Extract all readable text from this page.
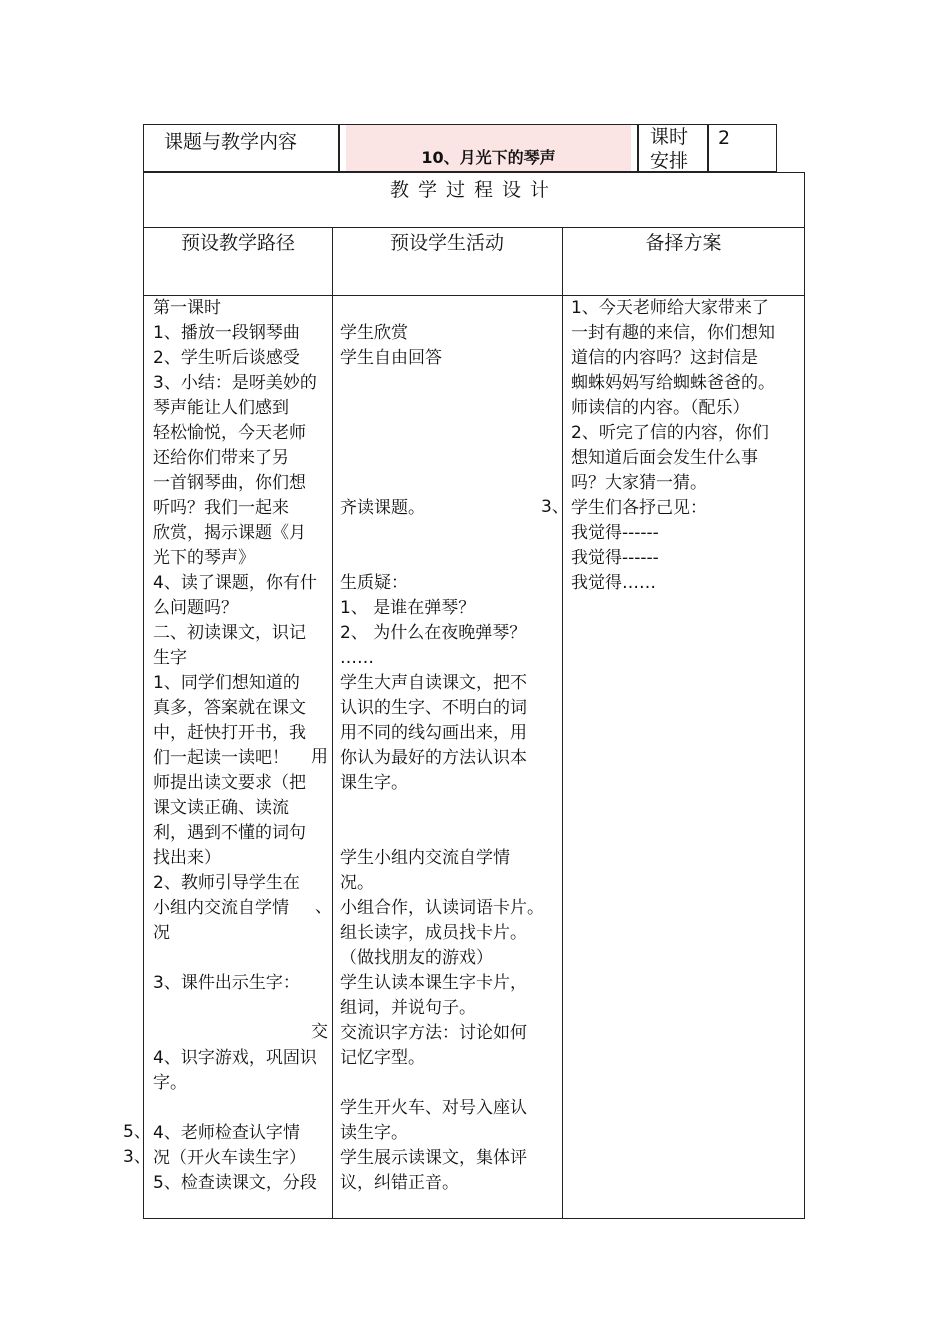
课题与教学内容
10、月光下的琴声
课时
安排
2
教学过程设计
预设教学路径	预设学生活动	备择方案
第一课时
1、播放一段钢琴曲
2、学生听后谈感受
3、小结：是呀美妙的
琴声能让人们感到
轻松愉悦，今天老师
还给你们带来了另
一首钢琴曲，你们想
听吗？我们一起来
欣赏，揭示课题《月
光下的琴声》
4、读了课题，你有什
么问题吗？
二、初读课文，识记
生字
1、同学们想知道的
真多，答案就在课文
中，赶快打开书，我
们一起读一读吧！
师提出读文要求（把
课文读正确、读流
利，遇到不懂的词句
找出来）
2、教师引导学生在
小组内交流自学情
况

3、课件出示生字：

4、识字游戏，巩固识
字。

4、老师检查认字情
况（开火车读生字）
5、检查读课文，分段

学生欣赏
学生自由回答

齐读课题。

生质疑：
1、 是谁在弹琴？
2、 为什么在夜晚弹琴？
……
学生大声自读课文，把不
认识的生字、不明白的词
用不同的线勾画出来，用
你认为最好的方法认识本
课生字。

学生小组内交流自学情
况。
小组合作，认读词语卡片。
组长读字，成员找卡片。
（做找朋友的游戏）
学生认读本课生字卡片，
组词，并说句子。
交流识字方法：讨论如何
记忆字型。

学生开火车、对号入座认
读生字。
学生展示读课文，集体评
议，纠错正音。
1、今天老师给大家带来了
一封有趣的来信，你们想知
道信的内容吗？这封信是
蜘蛛妈妈写给蜘蛛爸爸的。
师读信的内容。（配乐）
2、听完了信的内容，你们
想知道后面会发生什么事
吗？大家猜一猜。
学生们各抒己见：
我觉得------
我觉得------
我觉得……
3、
用
交
、
5、
3、
